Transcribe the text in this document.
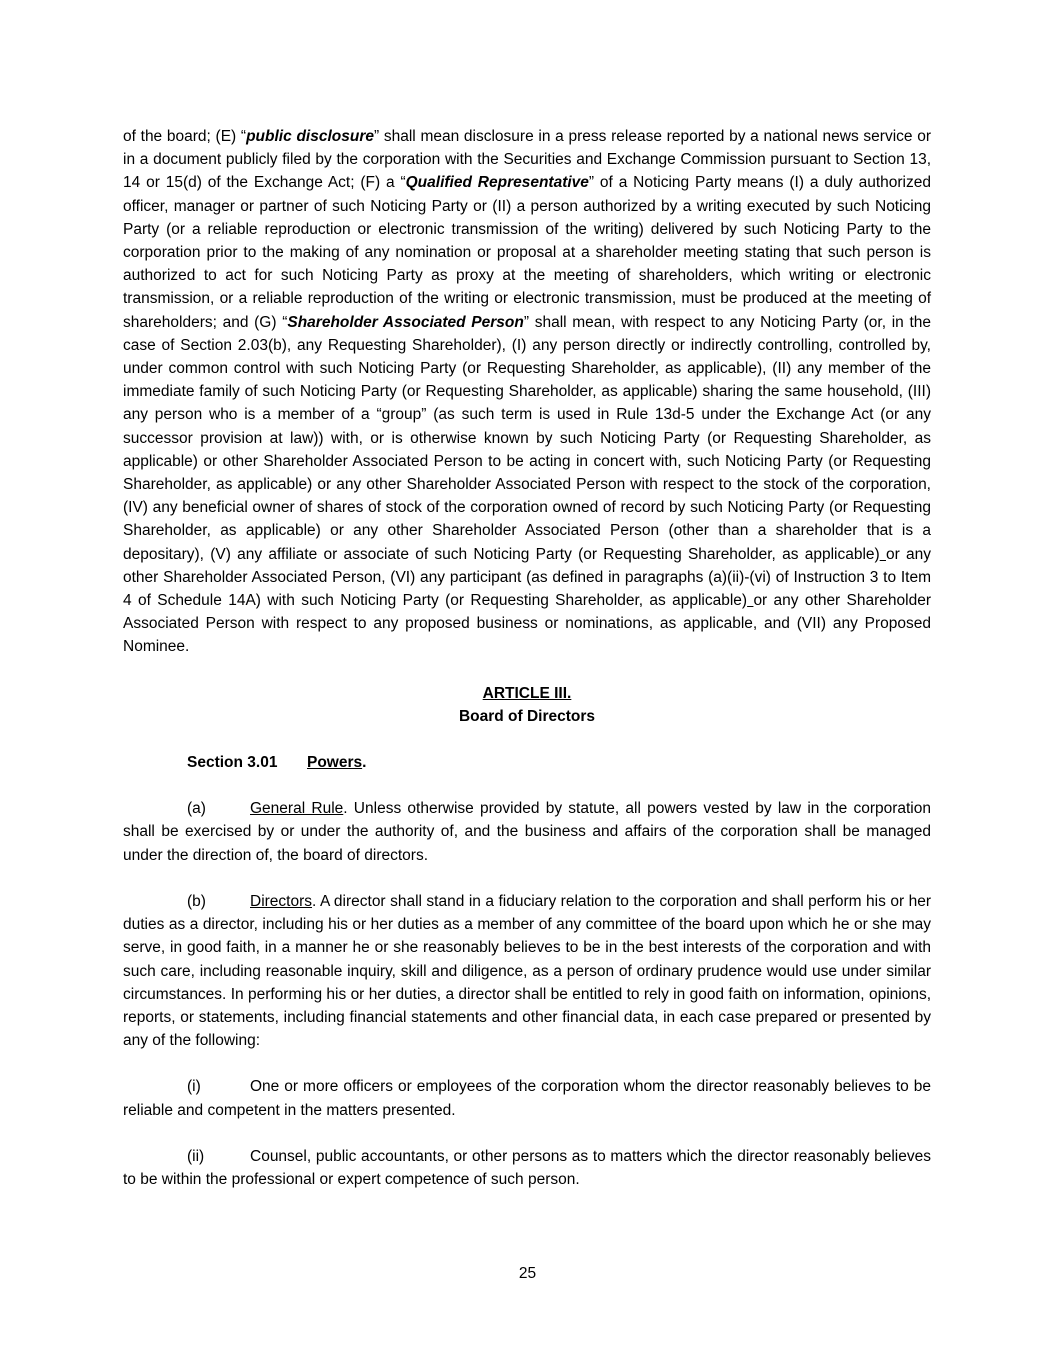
of the board; (E) “public disclosure” shall mean disclosure in a press release reported by a national news service or in a document publicly filed by the corporation with the Securities and Exchange Commission pursuant to Section 13, 14 or 15(d) of the Exchange Act; (F) a “Qualified Representative” of a Noticing Party means (I) a duly authorized officer, manager or partner of such Noticing Party or (II) a person authorized by a writing executed by such Noticing Party (or a reliable reproduction or electronic transmission of the writing) delivered by such Noticing Party to the corporation prior to the making of any nomination or proposal at a shareholder meeting stating that such person is authorized to act for such Noticing Party as proxy at the meeting of shareholders, which writing or electronic transmission, or a reliable reproduction of the writing or electronic transmission, must be produced at the meeting of shareholders; and (G) “Shareholder Associated Person” shall mean, with respect to any Noticing Party (or, in the case of Section 2.03(b), any Requesting Shareholder), (I) any person directly or indirectly controlling, controlled by, under common control with such Noticing Party (or Requesting Shareholder, as applicable), (II) any member of the immediate family of such Noticing Party (or Requesting Shareholder, as applicable) sharing the same household, (III) any person who is a member of a “group” (as such term is used in Rule 13d-5 under the Exchange Act (or any successor provision at law)) with, or is otherwise known by such Noticing Party (or Requesting Shareholder, as applicable) or other Shareholder Associated Person to be acting in concert with, such Noticing Party (or Requesting Shareholder, as applicable) or any other Shareholder Associated Person with respect to the stock of the corporation, (IV) any beneficial owner of shares of stock of the corporation owned of record by such Noticing Party (or Requesting Shareholder, as applicable) or any other Shareholder Associated Person (other than a shareholder that is a depositary), (V) any affiliate or associate of such Noticing Party (or Requesting Shareholder, as applicable) or any other Shareholder Associated Person, (VI) any participant (as defined in paragraphs (a)(ii)-(vi) of Instruction 3 to Item 4 of Schedule 14A) with such Noticing Party (or Requesting Shareholder, as applicable) or any other Shareholder Associated Person with respect to any proposed business or nominations, as applicable, and (VII) any Proposed Nominee.

ARTICLE III.
Board of Directors

Section 3.01 Powers.

(a)	General Rule. Unless otherwise provided by statute, all powers vested by law in the corporation shall be exercised by or under the authority of, and the business and affairs of the corporation shall be managed under the direction of, the board of directors.

(b)	Directors. A director shall stand in a fiduciary relation to the corporation and shall perform his or her duties as a director, including his or her duties as a member of any committee of the board upon which he or she may serve, in good faith, in a manner he or she reasonably believes to be in the best interests of the corporation and with such care, including reasonable inquiry, skill and diligence, as a person of ordinary prudence would use under similar circumstances. In performing his or her duties, a director shall be entitled to rely in good faith on information, opinions, reports, or statements, including financial statements and other financial data, in each case prepared or presented by any of the following:

(i)	One or more officers or employees of the corporation whom the director reasonably believes to be reliable and competent in the matters presented.

(ii)	Counsel, public accountants, or other persons as to matters which the director reasonably believes to be within the professional or expert competence of such person.

25
